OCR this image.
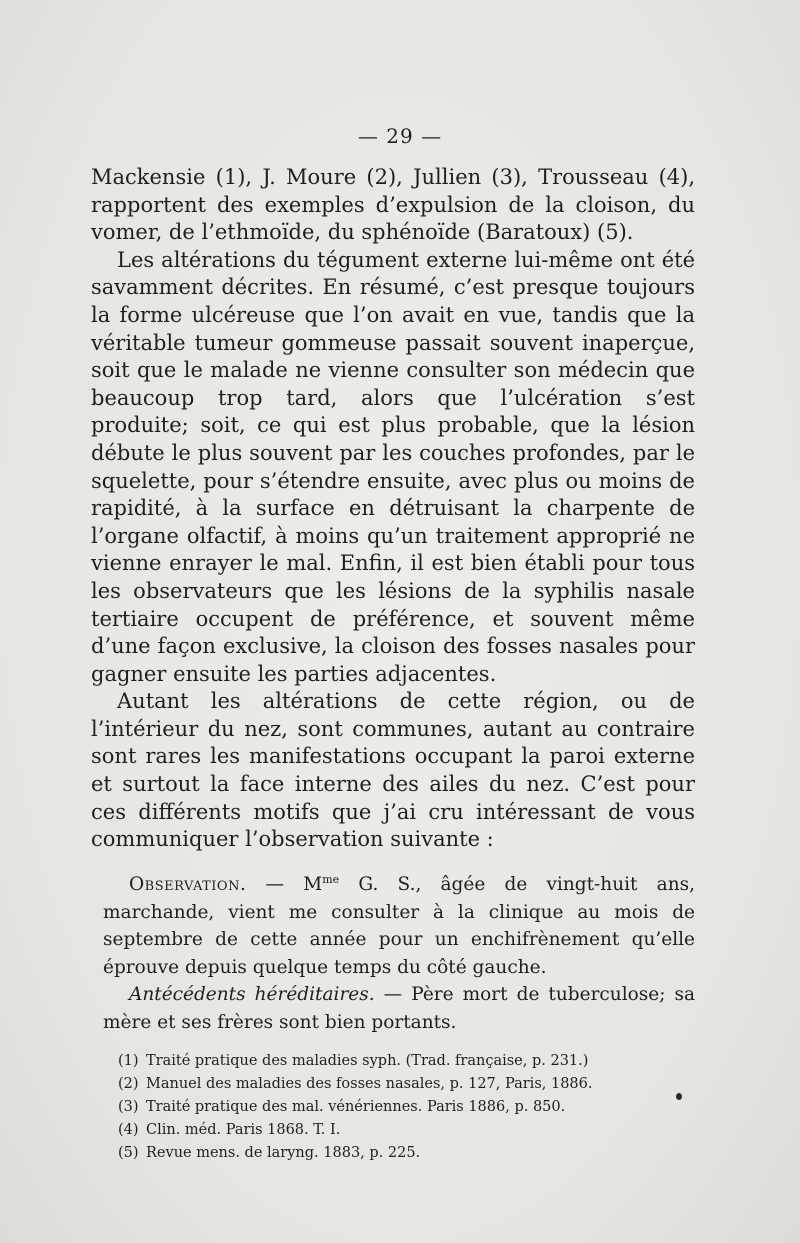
— 29 —

Mackensie (1), J. Moure (2), Jullien (3), Trousseau (4), rapportent des exemples d’expulsion de la cloison, du vomer, de l’ethmoïde, du sphénoïde (Baratoux) (5).

Les altérations du tégument externe lui-même ont été savamment décrites. En résumé, c’est presque toujours la forme ulcéreuse que l’on avait en vue, tandis que la véritable tumeur gommeuse passait souvent inaperçue, soit que le malade ne vienne consulter son médecin que beaucoup trop tard, alors que l’ulcération s’est produite; soit, ce qui est plus probable, que la lésion débute le plus souvent par les couches profondes, par le squelette, pour s’étendre ensuite, avec plus ou moins de rapidité, à la surface en détruisant la charpente de l’organe olfactif, à moins qu’un traitement approprié ne vienne enrayer le mal. Enfin, il est bien établi pour tous les observateurs que les lésions de la syphilis nasale tertiaire occupent de préférence, et souvent même d’une façon exclusive, la cloison des fosses nasales pour gagner ensuite les parties adjacentes.

Autant les altérations de cette région, ou de l’intérieur du nez, sont communes, autant au contraire sont rares les manifestations occupant la paroi externe et surtout la face interne des ailes du nez. C’est pour ces différents motifs que j’ai cru intéressant de vous communiquer l’observation suivante :

Observation. — $M^{me}$ G. S., âgée de vingt-huit ans, marchande, vient me consulter à la clinique au mois de septembre de cette année pour un enchifrènement qu’elle éprouve depuis quelque temps du côté gauche.

Antécédents héréditaires. — Père mort de tuberculose; sa mère et ses frères sont bien portants.

(1) Traité pratique des maladies syph. (Trad. française, p. 231.)
(2) Manuel des maladies des fosses nasales, p. 127, Paris, 1886.
(3) Traité pratique des mal. vénériennes. Paris 1886, p. 850.
(4) Clin. méd. Paris 1868. T. I.
(5) Revue mens. de laryng. 1883, p. 225.
